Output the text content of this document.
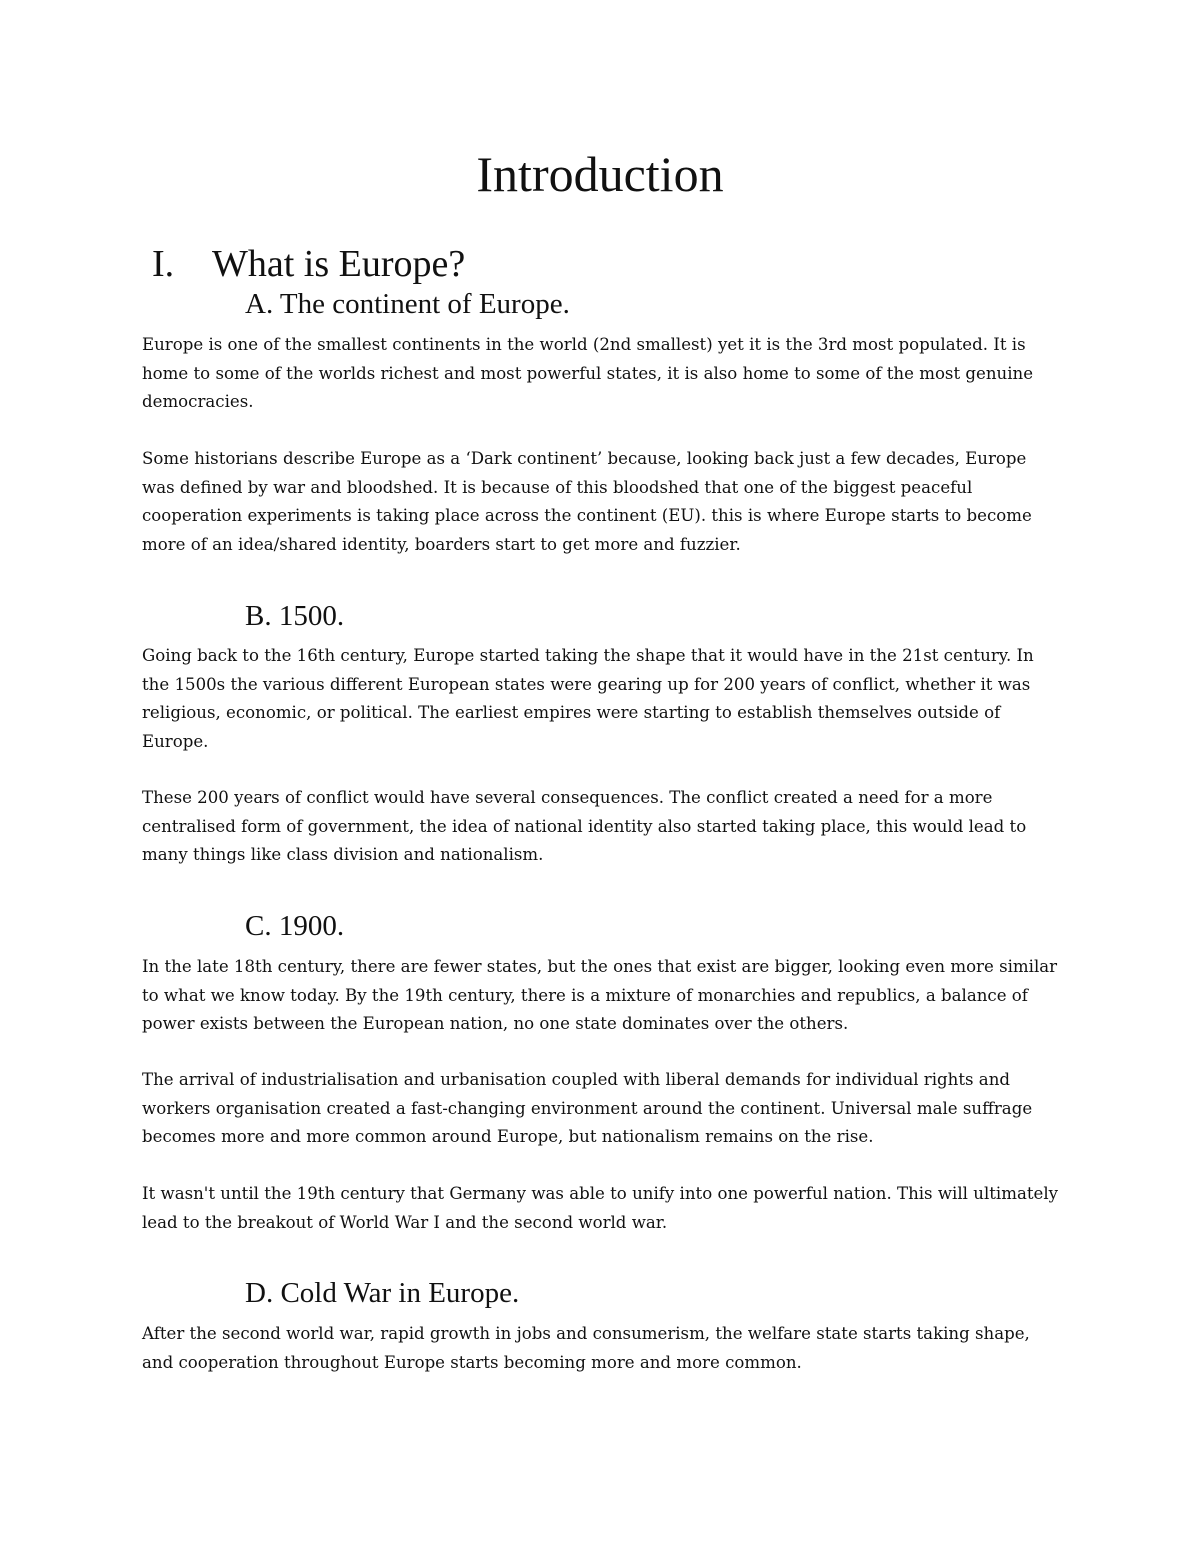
Introduction
I. What is Europe?
A. The continent of Europe.

Europe is one of the smallest continents in the world (2nd smallest) yet it is the 3rd most populated. It is home to some of the worlds richest and most powerful states, it is also home to some of the most genuine democracies.

Some historians describe Europe as a ‘Dark continent’ because, looking back just a few decades, Europe was defined by war and bloodshed. It is because of this bloodshed that one of the biggest peaceful cooperation experiments is taking place across the continent (EU). this is where Europe starts to become more of an idea/shared identity, boarders start to get more and fuzzier.

B. 1500.

Going back to the 16th century, Europe started taking the shape that it would have in the 21st century. In the 1500s the various different European states were gearing up for 200 years of conflict, whether it was religious, economic, or political. The earliest empires were starting to establish themselves outside of Europe.

These 200 years of conflict would have several consequences. The conflict created a need for a more centralised form of government, the idea of national identity also started taking place, this would lead to many things like class division and nationalism.

C. 1900.

In the late 18th century, there are fewer states, but the ones that exist are bigger, looking even more similar to what we know today. By the 19th century, there is a mixture of monarchies and republics, a balance of power exists between the European nation, no one state dominates over the others.

The arrival of industrialisation and urbanisation coupled with liberal demands for individual rights and workers organisation created a fast-changing environment around the continent. Universal male suffrage becomes more and more common around Europe, but nationalism remains on the rise.

It wasn't until the 19th century that Germany was able to unify into one powerful nation. This will ultimately lead to the breakout of World War I and the second world war.

D. Cold War in Europe.

After the second world war, rapid growth in jobs and consumerism, the welfare state starts taking shape, and cooperation throughout Europe starts becoming more and more common.
